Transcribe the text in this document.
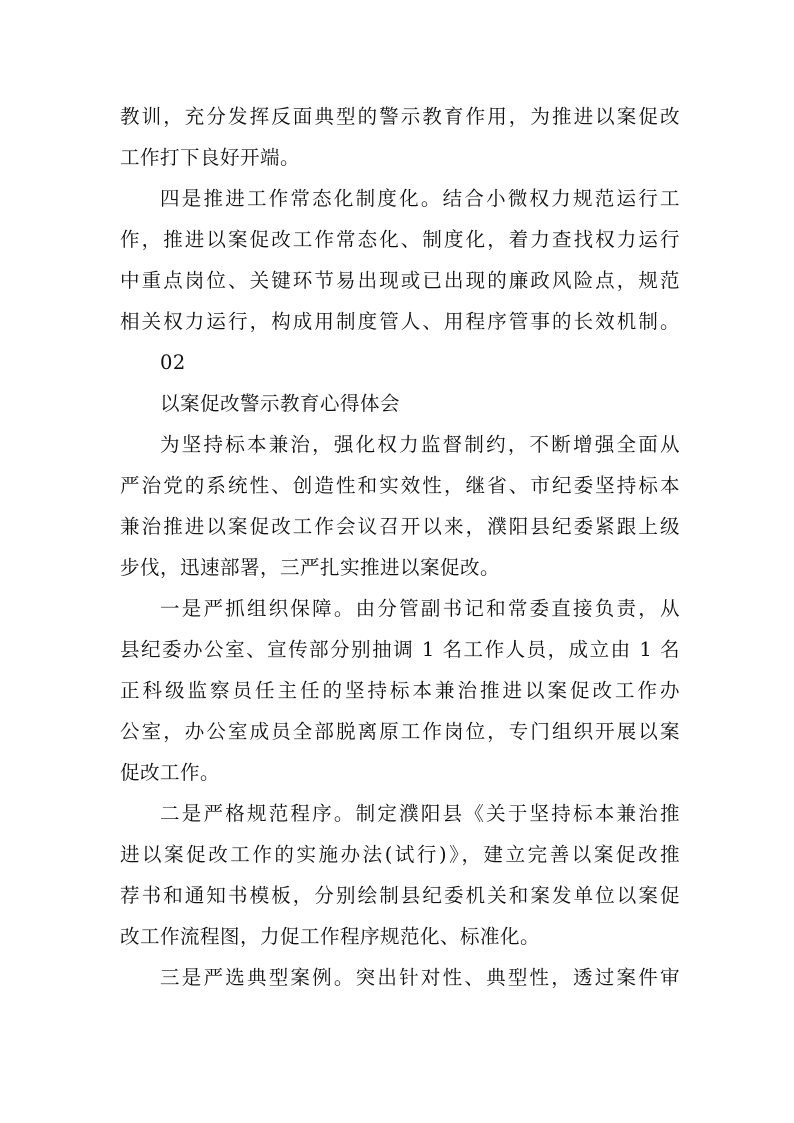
教训，充分发挥反面典型的警示教育作用，为推进以案促改
工作打下良好开端。
四是推进工作常态化制度化。结合小微权力规范运行工
作，推进以案促改工作常态化、制度化，着力查找权力运行
中重点岗位、关键环节易出现或已出现的廉政风险点，规范
相关权力运行，构成用制度管人、用程序管事的长效机制。
02
以案促改警示教育心得体会
为坚持标本兼治，强化权力监督制约，不断增强全面从
严治党的系统性、创造性和实效性，继省、市纪委坚持标本
兼治推进以案促改工作会议召开以来，濮阳县纪委紧跟上级
步伐，迅速部署，三严扎实推进以案促改。
一是严抓组织保障。由分管副书记和常委直接负责，从
县纪委办公室、宣传部分别抽调 1 名工作人员，成立由 1 名
正科级监察员任主任的坚持标本兼治推进以案促改工作办
公室，办公室成员全部脱离原工作岗位，专门组织开展以案
促改工作。
二是严格规范程序。制定濮阳县《关于坚持标本兼治推
进以案促改工作的实施办法(试行)》，建立完善以案促改推
荐书和通知书模板，分别绘制县纪委机关和案发单位以案促
改工作流程图，力促工作程序规范化、标准化。
三是严选典型案例。突出针对性、典型性，透过案件审
